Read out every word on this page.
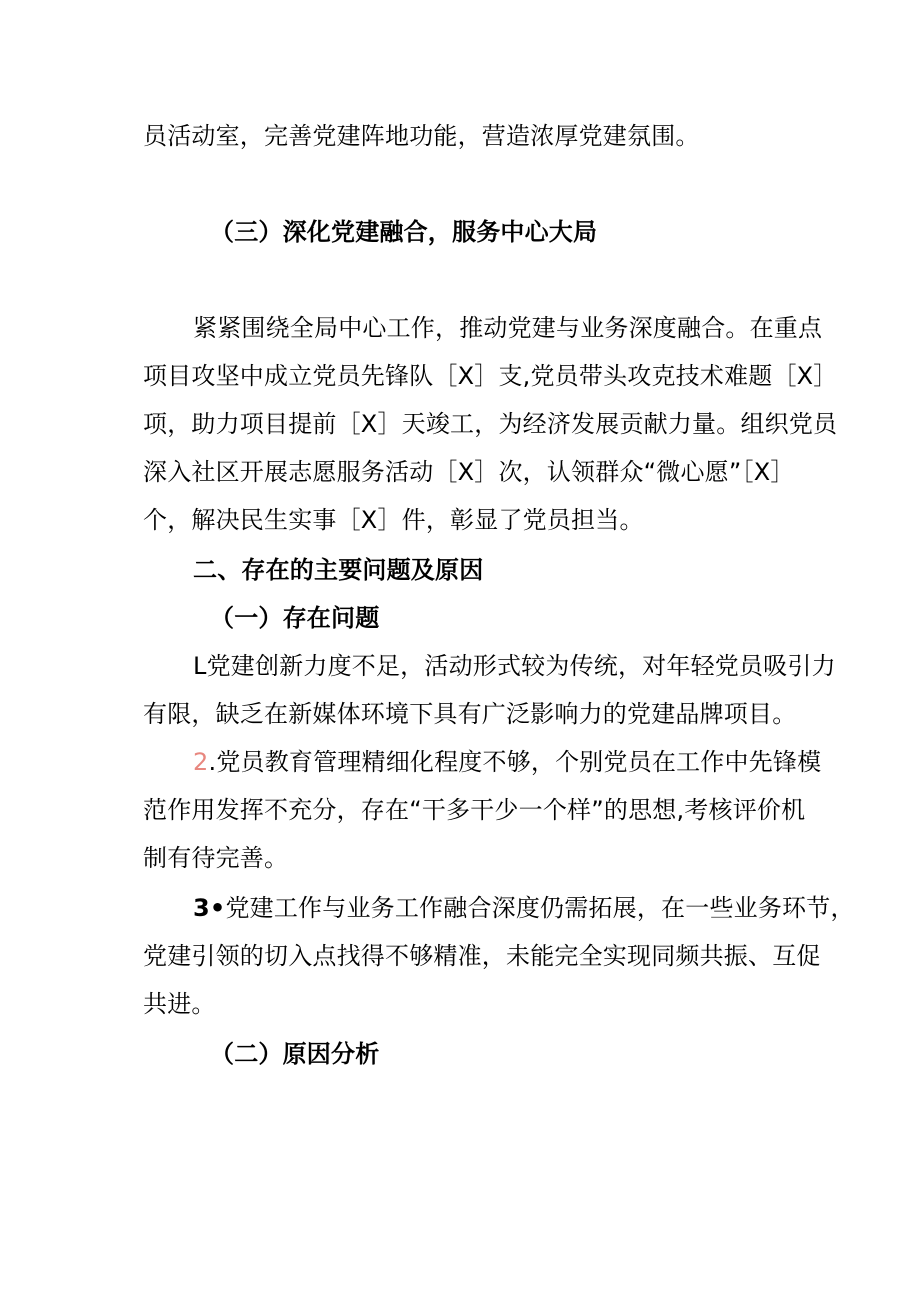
员活动室，完善党建阵地功能，营造浓厚党建氛围。
（三）深化党建融合，服务中心大局
紧紧围绕全局中心工作，推动党建与业务深度融合。在重点
项目攻坚中成立党员先锋队［X］支,党员带头攻克技术难题［X］
项，助力项目提前［X］天竣工，为经济发展贡献力量。组织党员
深入社区开展志愿服务活动［X］次，认领群众“微心愿”［X］
个，解决民生实事［X］件，彰显了党员担当。
二、存在的主要问题及原因
（一）存在问题
L党建创新力度不足，活动形式较为传统，对年轻党员吸引力
有限，缺乏在新媒体环境下具有广泛影响力的党建品牌项目。
2.党员教育管理精细化程度不够，个别党员在工作中先锋模
范作用发挥不充分，存在“干多干少一个样”的思想,考核评价机
制有待完善。
3•党建工作与业务工作融合深度仍需拓展，在一些业务环节，
党建引领的切入点找得不够精准，未能完全实现同频共振、互促
共进。
（二）原因分析
